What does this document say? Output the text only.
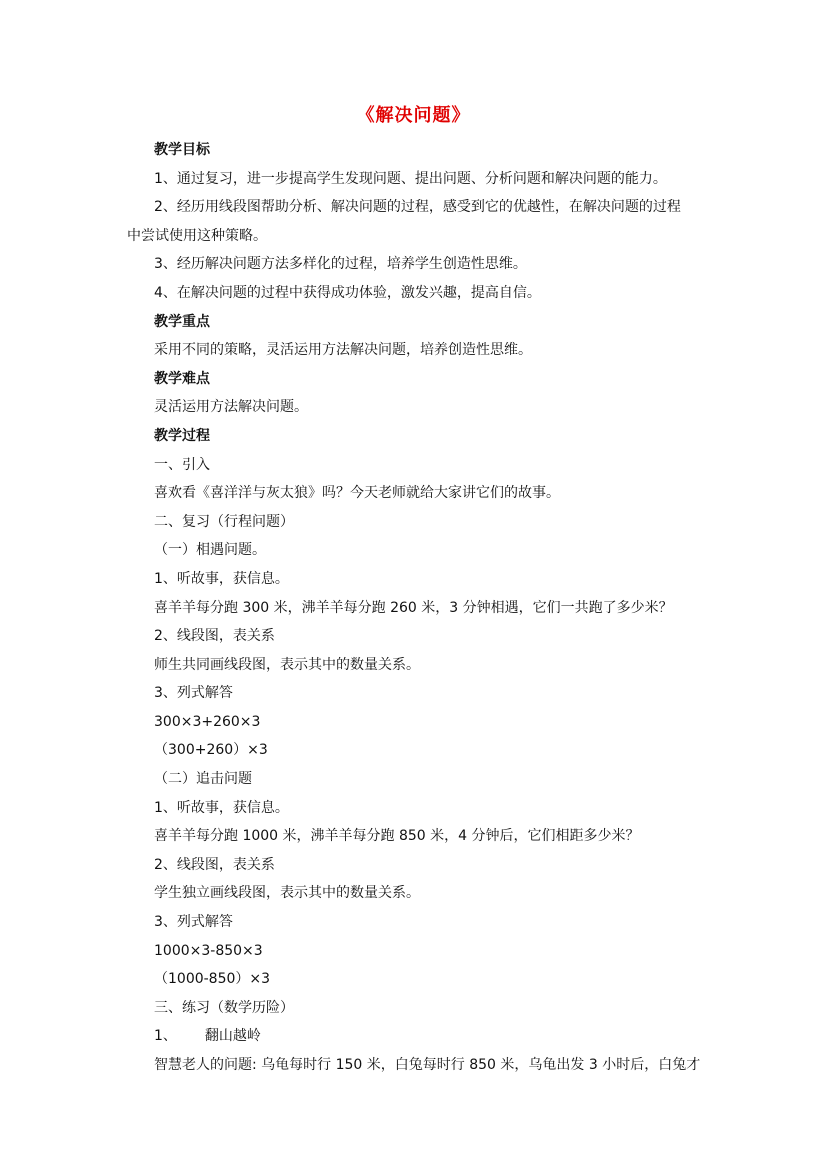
《解决问题》
教学目标
1、通过复习，进一步提高学生发现问题、提出问题、分析问题和解决问题的能力。
2、经历用线段图帮助分析、解决问题的过程，感受到它的优越性，在解决问题的过程
中尝试使用这种策略。
3、经历解决问题方法多样化的过程，培养学生创造性思维。
4、在解决问题的过程中获得成功体验，激发兴趣，提高自信。
教学重点
采用不同的策略，灵活运用方法解决问题，培养创造性思维。
教学难点
灵活运用方法解决问题。
教学过程
一、引入
喜欢看《喜洋洋与灰太狼》吗？今天老师就给大家讲它们的故事。
二、复习（行程问题）
（一）相遇问题。
1、听故事，获信息。
喜羊羊每分跑 300 米，沸羊羊每分跑 260 米，3 分钟相遇，它们一共跑了多少米？
2、线段图，表关系
师生共同画线段图，表示其中的数量关系。
3、列式解答
300×3+260×3
（300+260）×3
（二）追击问题
1、听故事，获信息。
喜羊羊每分跑 1000 米，沸羊羊每分跑 850 米，4 分钟后，它们相距多少米？
2、线段图，表关系
学生独立画线段图，表示其中的数量关系。
3、列式解答
1000×3-850×3
（1000-850）×3
三、练习（数学历险）
1、 翻山越岭
智慧老人的问题: 乌龟每时行 150 米，白兔每时行 850 米，乌龟出发 3 小时后，白兔才
